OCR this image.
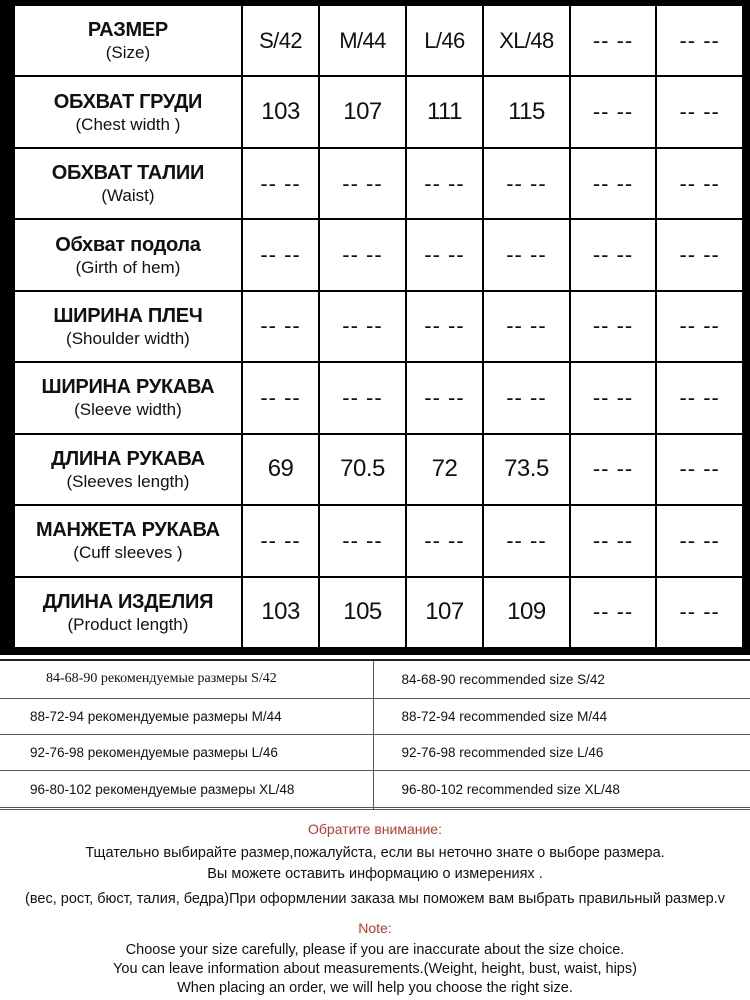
РАЗМЕР
(Size)	S/42	M/44	L/46	XL/48	-- --	-- --

ОБХВАТ ГРУДИ
(Chest width )	103	107	111	115	-- --	-- --

ОБХВАТ ТАЛИИ
(Waist)	-- --	-- --	-- --	-- --	-- --	-- --

Обхват подола
(Girth of hem)	-- --	-- --	-- --	-- --	-- --	-- --

ШИРИНА ПЛЕЧ
(Shoulder width)	-- --	-- --	-- --	-- --	-- --	-- --

ШИРИНА РУКАВА
(Sleeve width)	-- --	-- --	-- --	-- --	-- --	-- --

ДЛИНА РУКАВА
(Sleeves length)	69	70.5	72	73.5	-- --	-- --

МАНЖЕТА РУКАВА
(Cuff sleeves )	-- --	-- --	-- --	-- --	-- --	-- --

ДЛИНА ИЗДЕЛИЯ
(Product length)	103	105	107	109	-- --	-- --
84-68-90 рекомендуемые размеры S/42	84-68-90 recommended size S/42
88-72-94 рекомендуемые размеры M/44	88-72-94 recommended size M/44
92-76-98 рекомендуемые размеры L/46	92-76-98 recommended size L/46
96-80-102 рекомендуемые размеры XL/48	96-80-102 recommended size XL/48

Обратите внимание:
Тщательно выбирайте размер,пожалуйста, если вы неточно знате о выборе размера.
Вы можете оставить информацию о измерениях .
(вес, рост, бюст, талия, бедра)При оформлении заказа мы поможем вам выбрать правильный размер.v
Note:
Choose your size carefully, please if you are inaccurate about the size choice.
You can leave information about measurements.(Weight, height, bust, waist, hips)
When placing an order, we will help you choose the right size.
